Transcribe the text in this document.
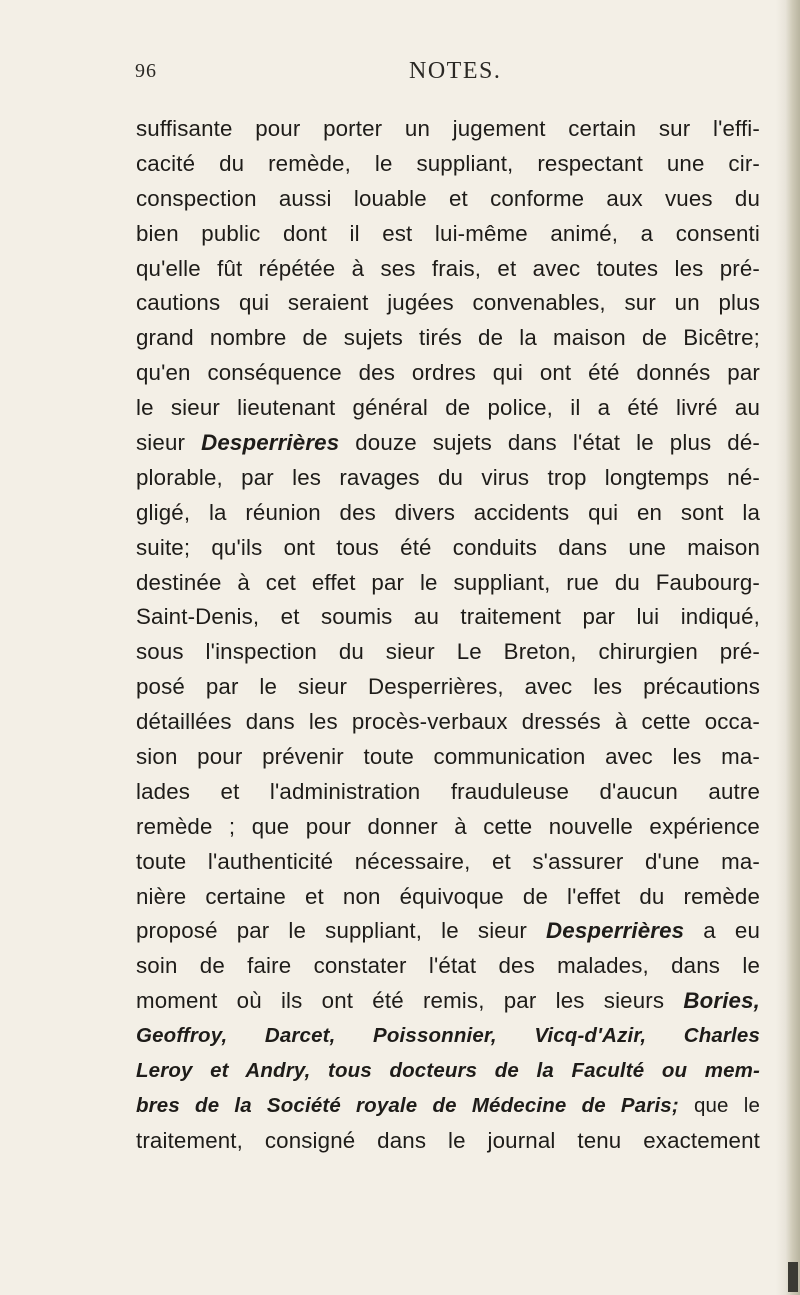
96	NOTES.
suffisante pour porter un jugement certain sur l'effi-
cacité du remède, le suppliant, respectant une cir-
conspection aussi louable et conforme aux vues du
bien public dont il est lui-même animé, a consenti
qu'elle fût répétée à ses frais, et avec toutes les pré-
cautions qui seraient jugées convenables, sur un plus
grand nombre de sujets tirés de la maison de Bicêtre;
qu'en conséquence des ordres qui ont été donnés par
le sieur lieutenant général de police, il a été livré au
sieur Desperrières douze sujets dans l'état le plus dé-
plorable, par les ravages du virus trop longtemps né-
gligé, la réunion des divers accidents qui en sont la
suite; qu'ils ont tous été conduits dans une maison
destinée à cet effet par le suppliant, rue du Faubourg-
Saint-Denis, et soumis au traitement par lui indiqué,
sous l'inspection du sieur Le Breton, chirurgien pré-
posé par le sieur Desperrières, avec les précautions
détaillées dans les procès-verbaux dressés à cette occa-
sion pour prévenir toute communication avec les ma-
lades et l'administration frauduleuse d'aucun autre
remède ; que pour donner à cette nouvelle expérience
toute l'authenticité nécessaire, et s'assurer d'une ma-
nière certaine et non équivoque de l'effet du remède
proposé par le suppliant, le sieur Desperrières a eu
soin de faire constater l'état des malades, dans le
moment où ils ont été remis, par les sieurs Bories,
Geoffroy, Darcet, Poissonnier, Vicq-d'Azir, Charles
Leroy et Andry, tous docteurs de la Faculté ou mem-
bres de la Société royale de Médecine de Paris; que le
traitement, consigné dans le journal tenu exactement
